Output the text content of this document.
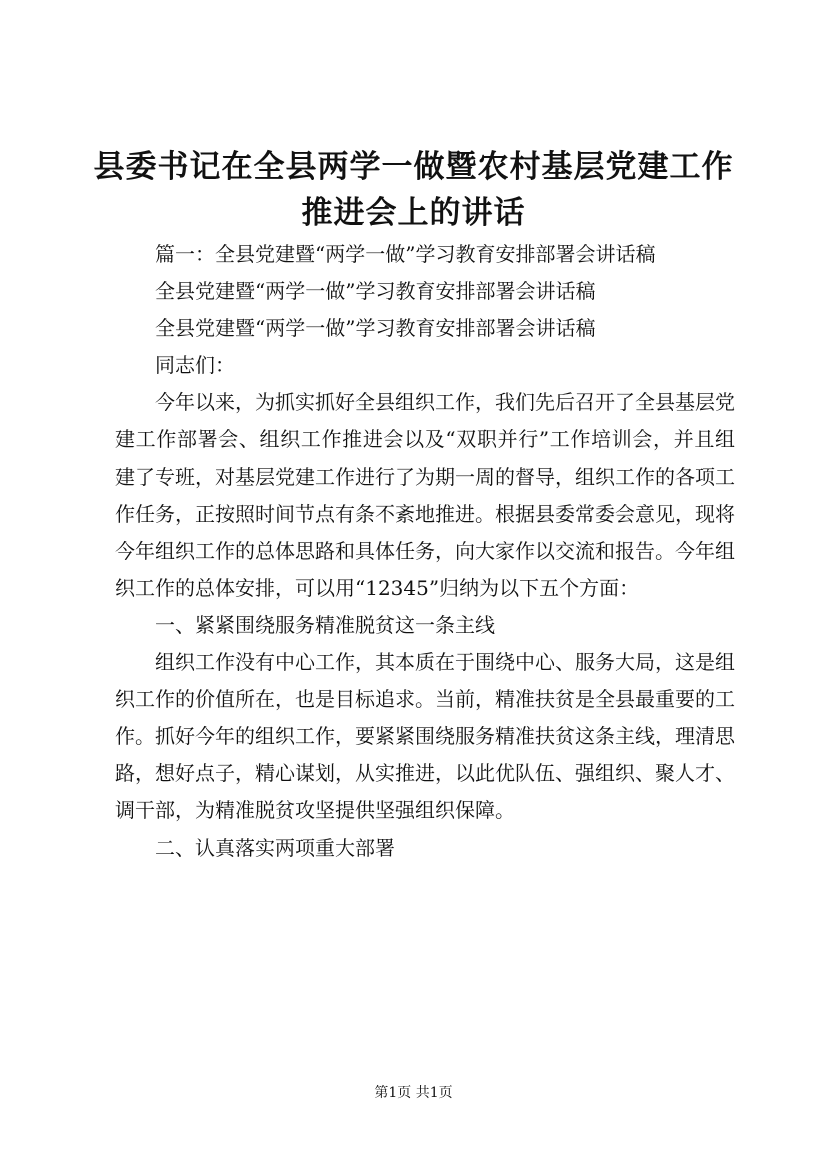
县委书记在全县两学一做暨农村基层党建工作
推进会上的讲话

篇一：全县党建暨“两学一做”学习教育安排部署会讲话稿

全县党建暨“两学一做”学习教育安排部署会讲话稿

全县党建暨“两学一做”学习教育安排部署会讲话稿

同志们：

今年以来，为抓实抓好全县组织工作，我们先后召开了全县基层党建工作部署会、组织工作推进会以及“双职并行”工作培训会，并且组建了专班，对基层党建工作进行了为期一周的督导，组织工作的各项工作任务，正按照时间节点有条不紊地推进。根据县委常委会意见，现将今年组织工作的总体思路和具体任务，向大家作以交流和报告。今年组织工作的总体安排，可以用“12345”归纳为以下五个方面：

一、紧紧围绕服务精准脱贫这一条主线

组织工作没有中心工作，其本质在于围绕中心、服务大局，这是组织工作的价值所在，也是目标追求。当前，精准扶贫是全县最重要的工作。抓好今年的组织工作，要紧紧围绕服务精准扶贫这条主线，理清思路，想好点子，精心谋划，从实推进，以此优队伍、强组织、聚人才、调干部，为精准脱贫攻坚提供坚强组织保障。

二、认真落实两项重大部署

第1页 共1页
